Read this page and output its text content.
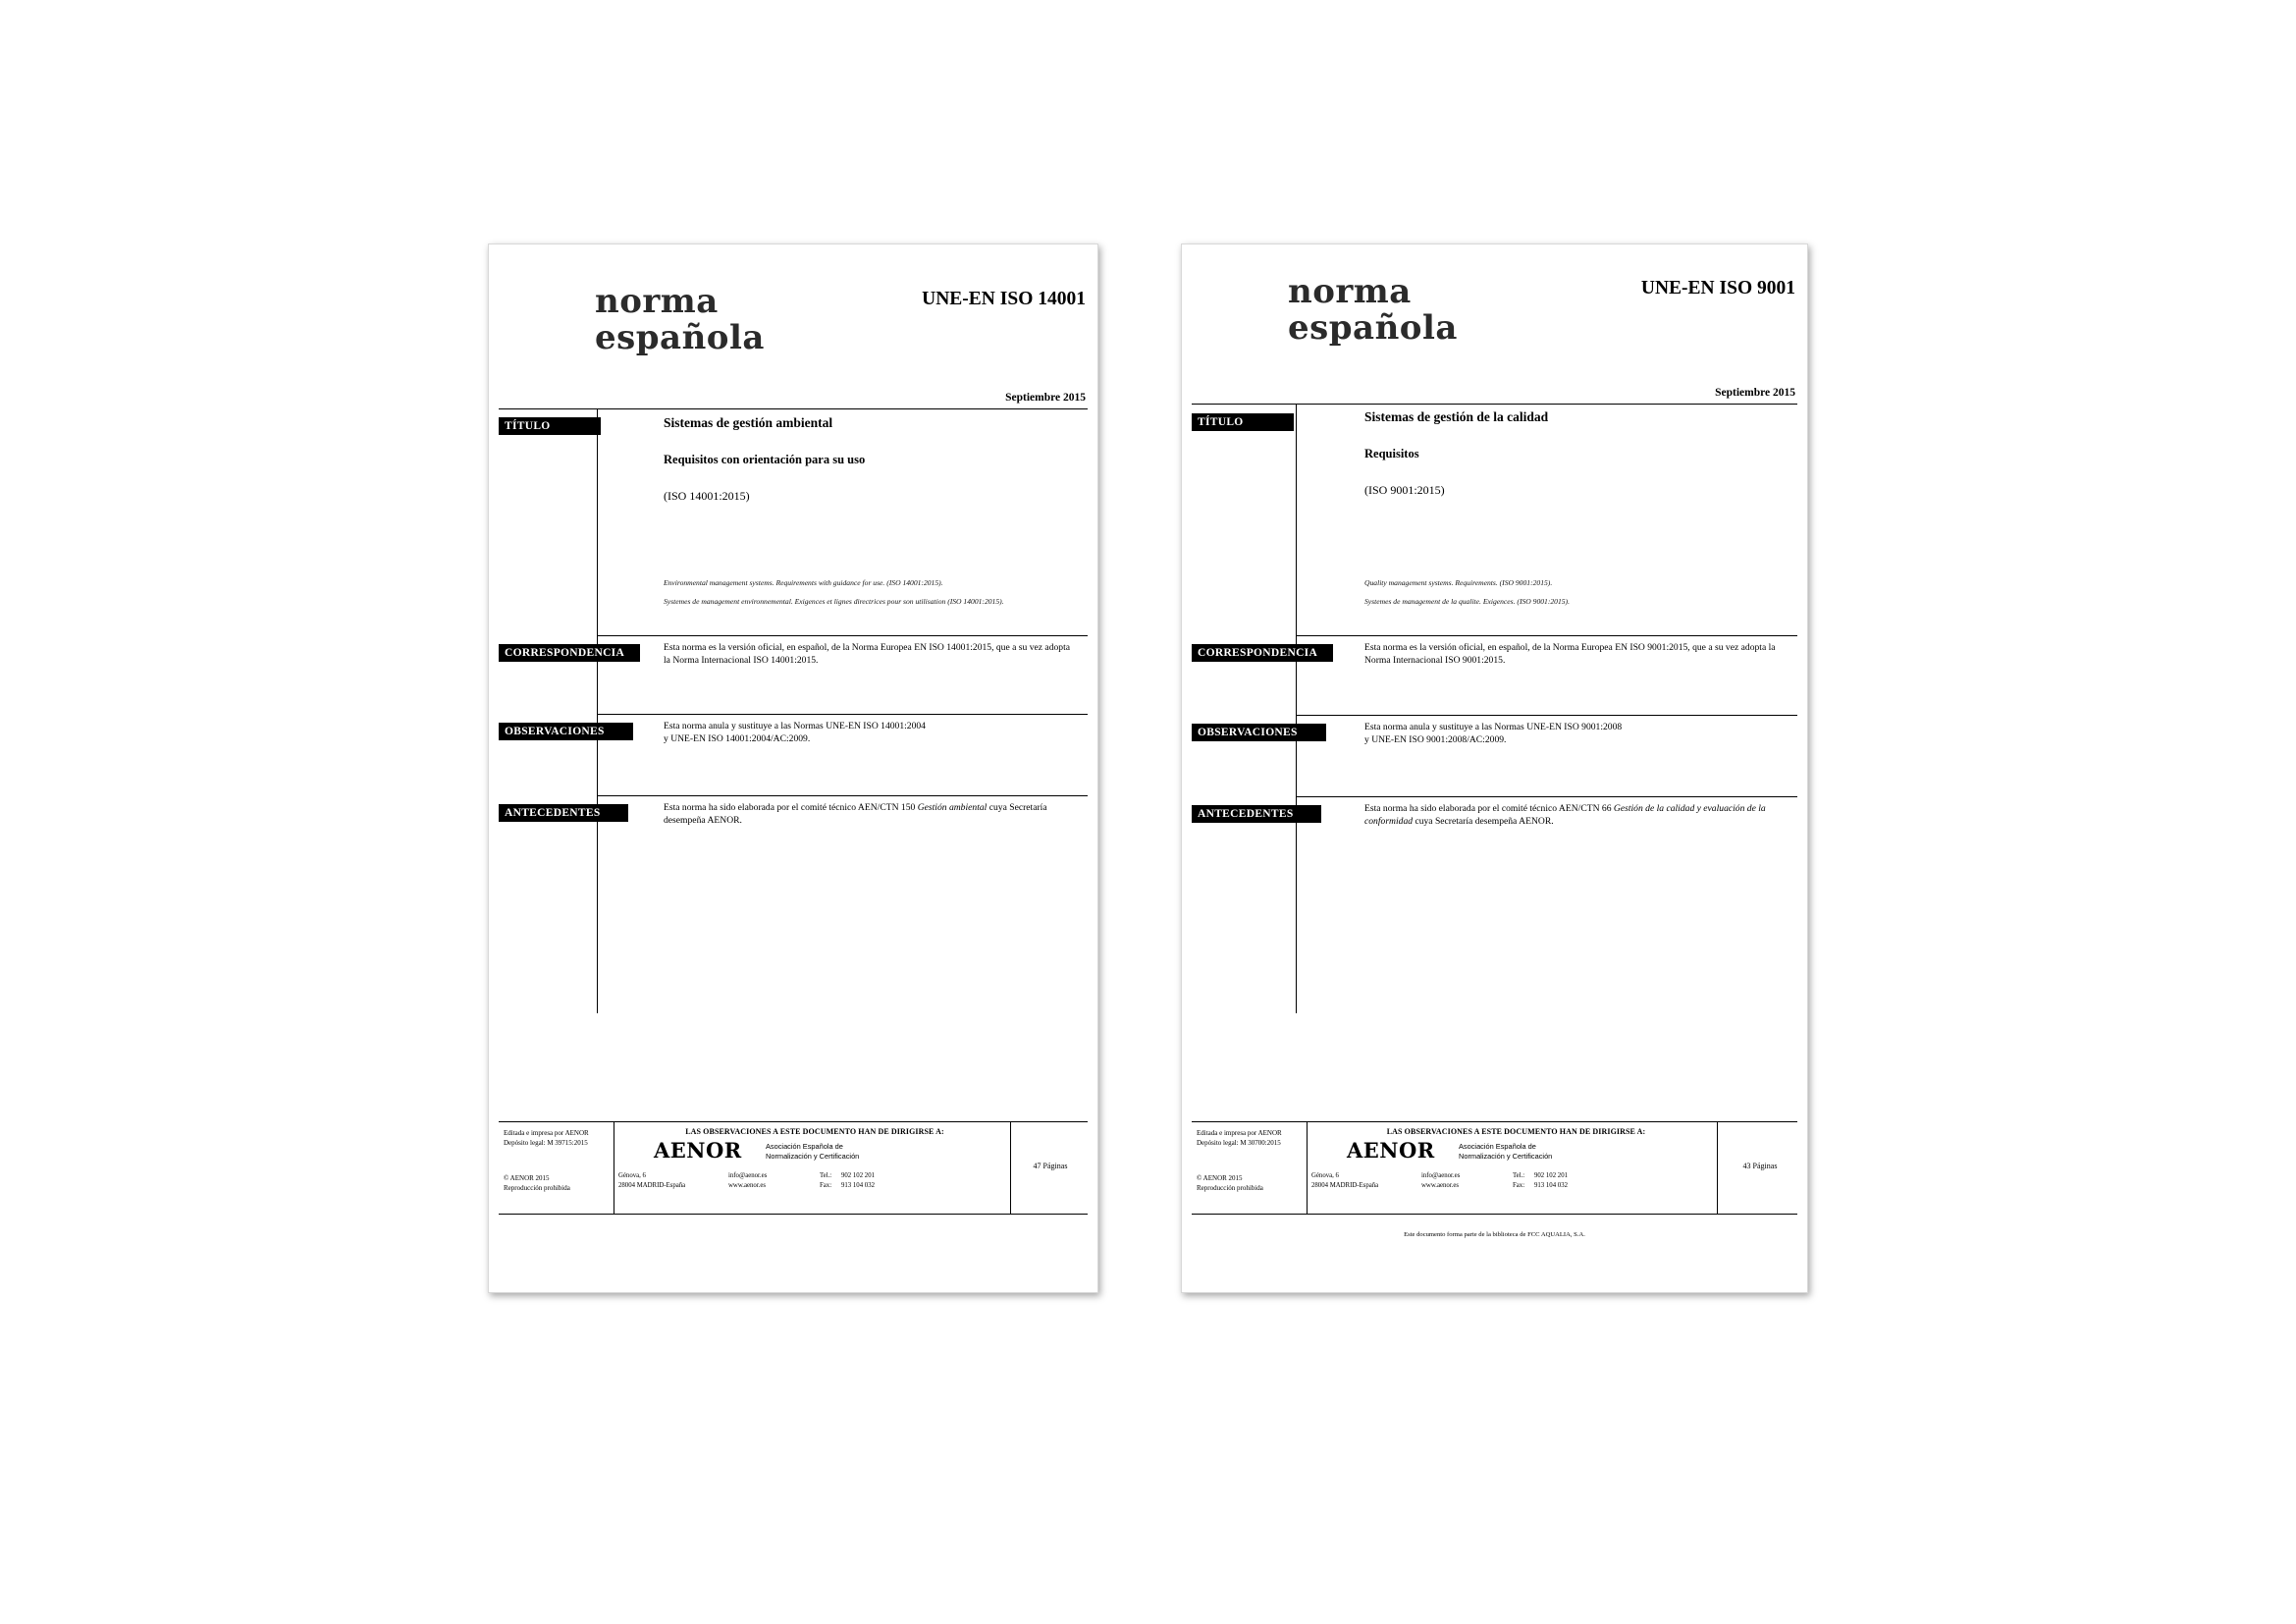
norma
española
UNE-EN ISO 14001
Septiembre 2015
TÍTULO	Sistemas de gestión ambiental

Requisitos con orientación para su uso

(ISO 14001:2015)

Environmental management systems. Requirements with guidance for use. (ISO 14001:2015).

Systemes de management environnemental. Exigences et lignes directrices pour son utilisation (ISO 14001:2015).

CORRESPONDENCIA	Esta norma es la versión oficial, en español, de la Norma Europea EN ISO 14001:2015, que a su vez adopta la Norma Internacional ISO 14001:2015.
OBSERVACIONES	Esta norma anula y sustituye a las Normas UNE-EN ISO 14001:2004
y UNE-EN ISO 14001:2004/AC:2009.
ANTECEDENTES	Esta norma ha sido elaborada por el comité técnico AEN/CTN 150 Gestión ambiental cuya Secretaría desempeña AENOR.
Editada e impresa por AENOR
Depósito legal: M 39715:2015
© AENOR 2015
Reproducción prohibida
LAS OBSERVACIONES A ESTE DOCUMENTO HAN DE DIRIGIRSE A:
AENOR	Asociación Española de
Normalización y Certificación
Génova, 6
28004 MADRID-España
info@aenor.es
www.aenor.es
Tel.: 902 102 201
Fax: 913 104 032
47 Páginas
norma
española
UNE-EN ISO 9001
Septiembre 2015
TÍTULO	Sistemas de gestión de la calidad

Requisitos

(ISO 9001:2015)

Quality management systems. Requirements. (ISO 9001:2015).

Systemes de management de la qualite. Exigences. (ISO 9001:2015).

CORRESPONDENCIA	Esta norma es la versión oficial, en español, de la Norma Europea EN ISO 9001:2015, que a su vez adopta la Norma Internacional ISO 9001:2015.
OBSERVACIONES	Esta norma anula y sustituye a las Normas UNE-EN ISO 9001:2008
y UNE-EN ISO 9001:2008/AC:2009.
ANTECEDENTES	Esta norma ha sido elaborada por el comité técnico AEN/CTN 66 Gestión de la calidad y evaluación de la conformidad cuya Secretaría desempeña AENOR.
Editada e impresa por AENOR
Depósito legal: M 30700:2015
© AENOR 2015
Reproducción prohibida
LAS OBSERVACIONES A ESTE DOCUMENTO HAN DE DIRIGIRSE A:
AENOR	Asociación Española de
Normalización y Certificación
Génova, 6
28004 MADRID-España
info@aenor.es
www.aenor.es
Tel.: 902 102 201
Fax: 913 104 032
43 Páginas
Este documento forma parte de la biblioteca de FCC AQUALIA, S.A.
